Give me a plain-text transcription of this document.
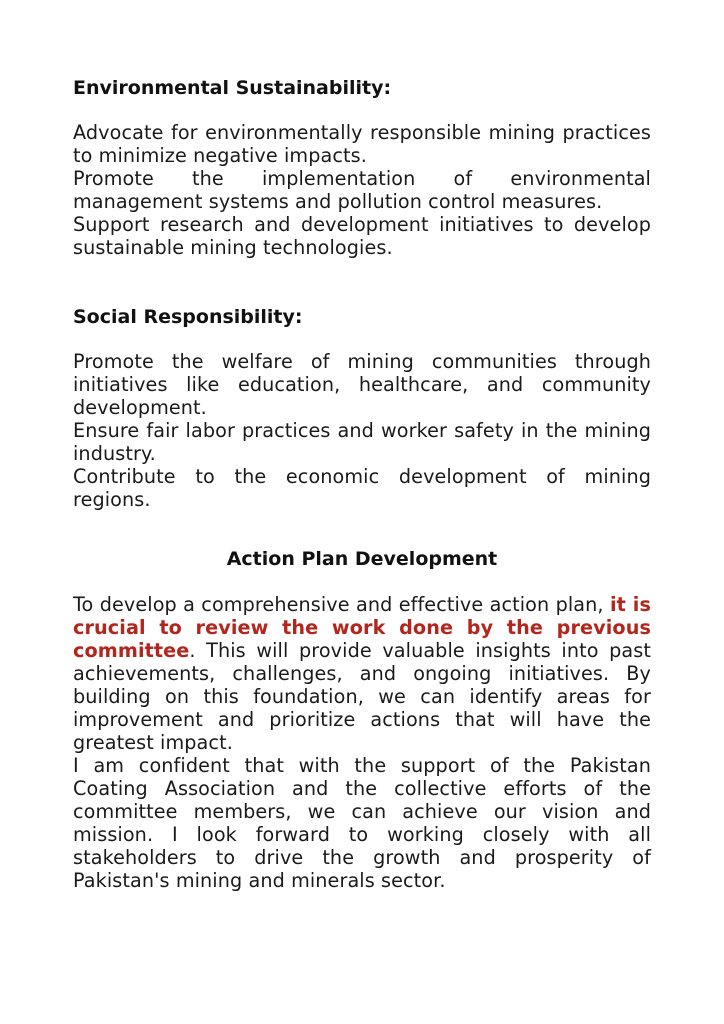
Environmental Sustainability:

Advocate for environmentally responsible mining practices to minimize negative impacts.

Promote the implementation of environmental management systems and pollution control measures.

Support research and development initiatives to develop sustainable mining technologies.

Social Responsibility:

Promote the welfare of mining communities through initiatives like education, healthcare, and community development.

Ensure fair labor practices and worker safety in the mining industry.

Contribute to the economic development of mining regions.

Action Plan Development

To develop a comprehensive and effective action plan, it is crucial to review the work done by the previous committee. This will provide valuable insights into past achievements, challenges, and ongoing initiatives. By building on this foundation, we can identify areas for improvement and prioritize actions that will have the greatest impact.

I am confident that with the support of the Pakistan Coating Association and the collective efforts of the committee members, we can achieve our vision and mission. I look forward to working closely with all stakeholders to drive the growth and prosperity of Pakistan's mining and minerals sector.
